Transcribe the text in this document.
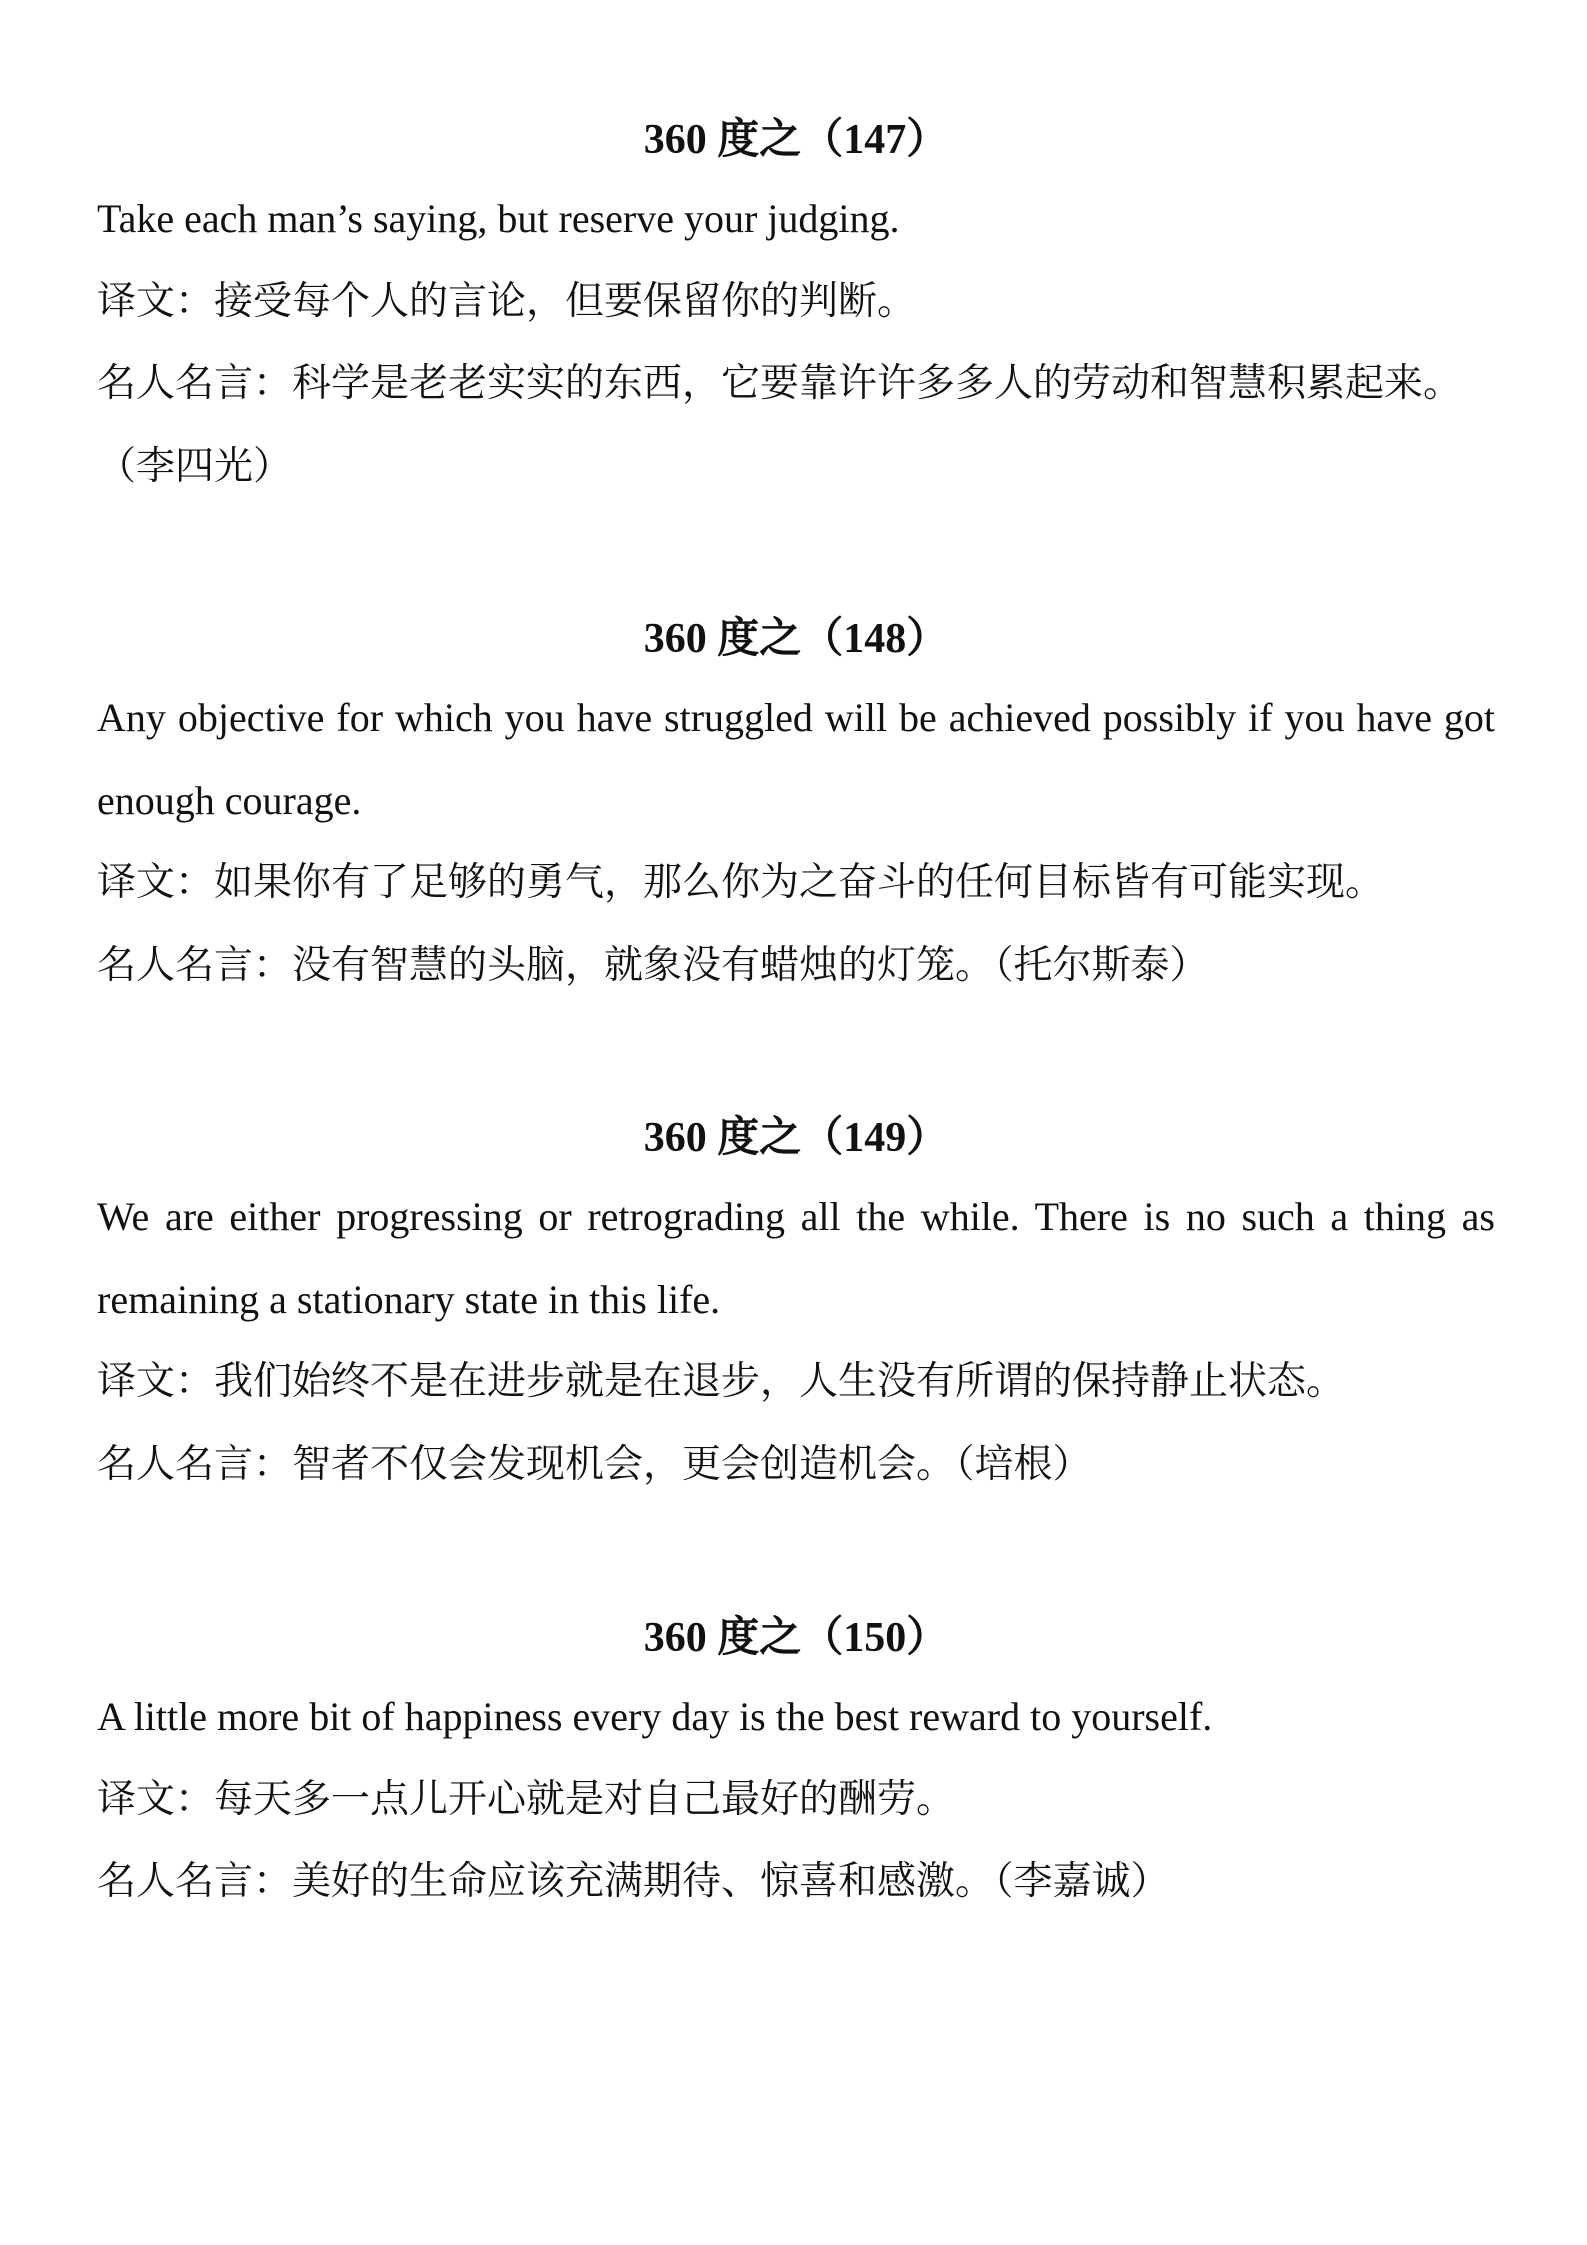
360 度之（147）

Take each man’s saying, but reserve your judging.

译文：接受每个人的言论，但要保留你的判断。

名人名言：科学是老老实实的东西，它要靠许许多多人的劳动和智慧积累起来。（李四光）

360 度之（148）

Any objective for which you have struggled will be achieved possibly if you have got enough courage.

译文：如果你有了足够的勇气，那么你为之奋斗的任何目标皆有可能实现。

名人名言：没有智慧的头脑，就象没有蜡烛的灯笼。（托尔斯泰）

360 度之（149）

We are either progressing or retrograding all the while. There is no such a thing as remaining a stationary state in this life.

译文：我们始终不是在进步就是在退步，人生没有所谓的保持静止状态。

名人名言：智者不仅会发现机会，更会创造机会。（培根）

360 度之（150）

A little more bit of happiness every day is the best reward to yourself.

译文：每天多一点儿开心就是对自己最好的酬劳。

名人名言：美好的生命应该充满期待、惊喜和感激。（李嘉诚）
